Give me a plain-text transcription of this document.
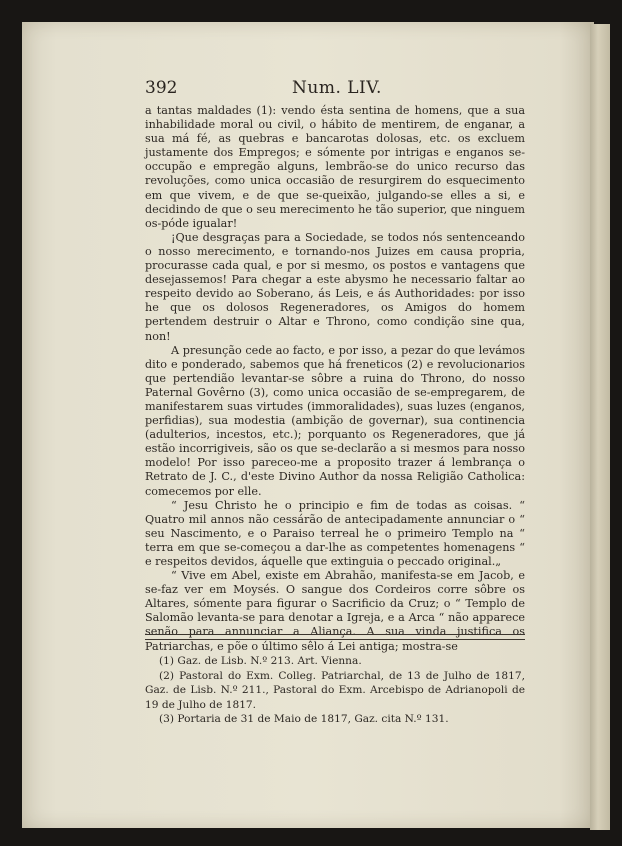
392	Num. LIV.

a tantas maldades (1): vendo ésta sentina de homens, que a sua inhabilidade moral ou civil, o hábito de mentirem, de enganar, a sua má fé, as quebras e bancarotas dolosas, etc. os excluem justamente dos Empregos; e sómente por intrigas e enganos se-occupão e empregão alguns, lembrão-se do unico recurso das revoluções, como unica occasião de resurgirem do esquecimento em que vivem, e de que se-queixão, julgando-se elles a si, e decidindo de que o seu merecimento he tão superior, que ninguem os-póde igualar!

¡Que desgraças para a Sociedade, se todos nós sentenceando o nosso merecimento, e tornando-nos Juizes em causa propria, procurasse cada qual, e por si mesmo, os postos e vantagens que desejassemos! Para chegar a este abysmo he necessario faltar ao respeito devido ao Soberano, ás Leis, e ás Authoridades: por isso he que os dolosos Regeneradores, os Amigos do homem pertendem destruir o Altar e Throno, como condição sine qua, non!

A presunção cede ao facto, e por isso, a pezar do que levámos dito e ponderado, sabemos que há freneticos (2) e revolucionarios que pertendião levantar-se sôbre a ruina do Throno, do nosso Paternal Govêrno (3), como unica occasião de se-empregarem, de manifestarem suas virtudes (immoralidades), suas luzes (enganos, perfidias), sua modestia (ambição de governar), sua continencia (adulterios, incestos, etc.); porquanto os Regeneradores, que já estão incorrigiveis, são os que se-declarão a si mesmos para nosso modelo! Por isso pareceo-me a proposito trazer á lembrança o Retrato de J. C., d'este Divino Author da nossa Religião Catholica: comecemos por elle.

“ Jesu Christo he o principio e fim de todas as coisas. “ Quatro mil annos não cessárão de antecipadamente annunciar o “ seu Nascimento, e o Paraiso terreal he o primeiro Templo na “ terra em que se-começou a dar-lhe as competentes homenagens “ e respeitos devidos, áquelle que extinguia o peccado original.„

“ Vive em Abel, existe em Abrahão, manifesta-se em Jacob, e se-faz ver em Moysés. O sangue dos Cordeiros corre sôbre os Altares, sómente para figurar o Sacrificio da Cruz; o “ Templo de Salomão levanta-se para denotar a Igreja, e a Arca “ não apparece senão para annunciar a Aliança. A sua vinda justifica os Patriarchas, e põe o último sêlo á Lei antiga; mostra-se

(1) Gaz. de Lisb. N.º 213. Art. Vienna.

(2) Pastoral do Exm. Colleg. Patriarchal, de 13 de Julho de 1817, Gaz. de Lisb. N.º 211., Pastoral do Exm. Arcebispo de Adrianopoli de 19 de Julho de 1817.

(3) Portaria de 31 de Maio de 1817, Gaz. cita N.º 131.
